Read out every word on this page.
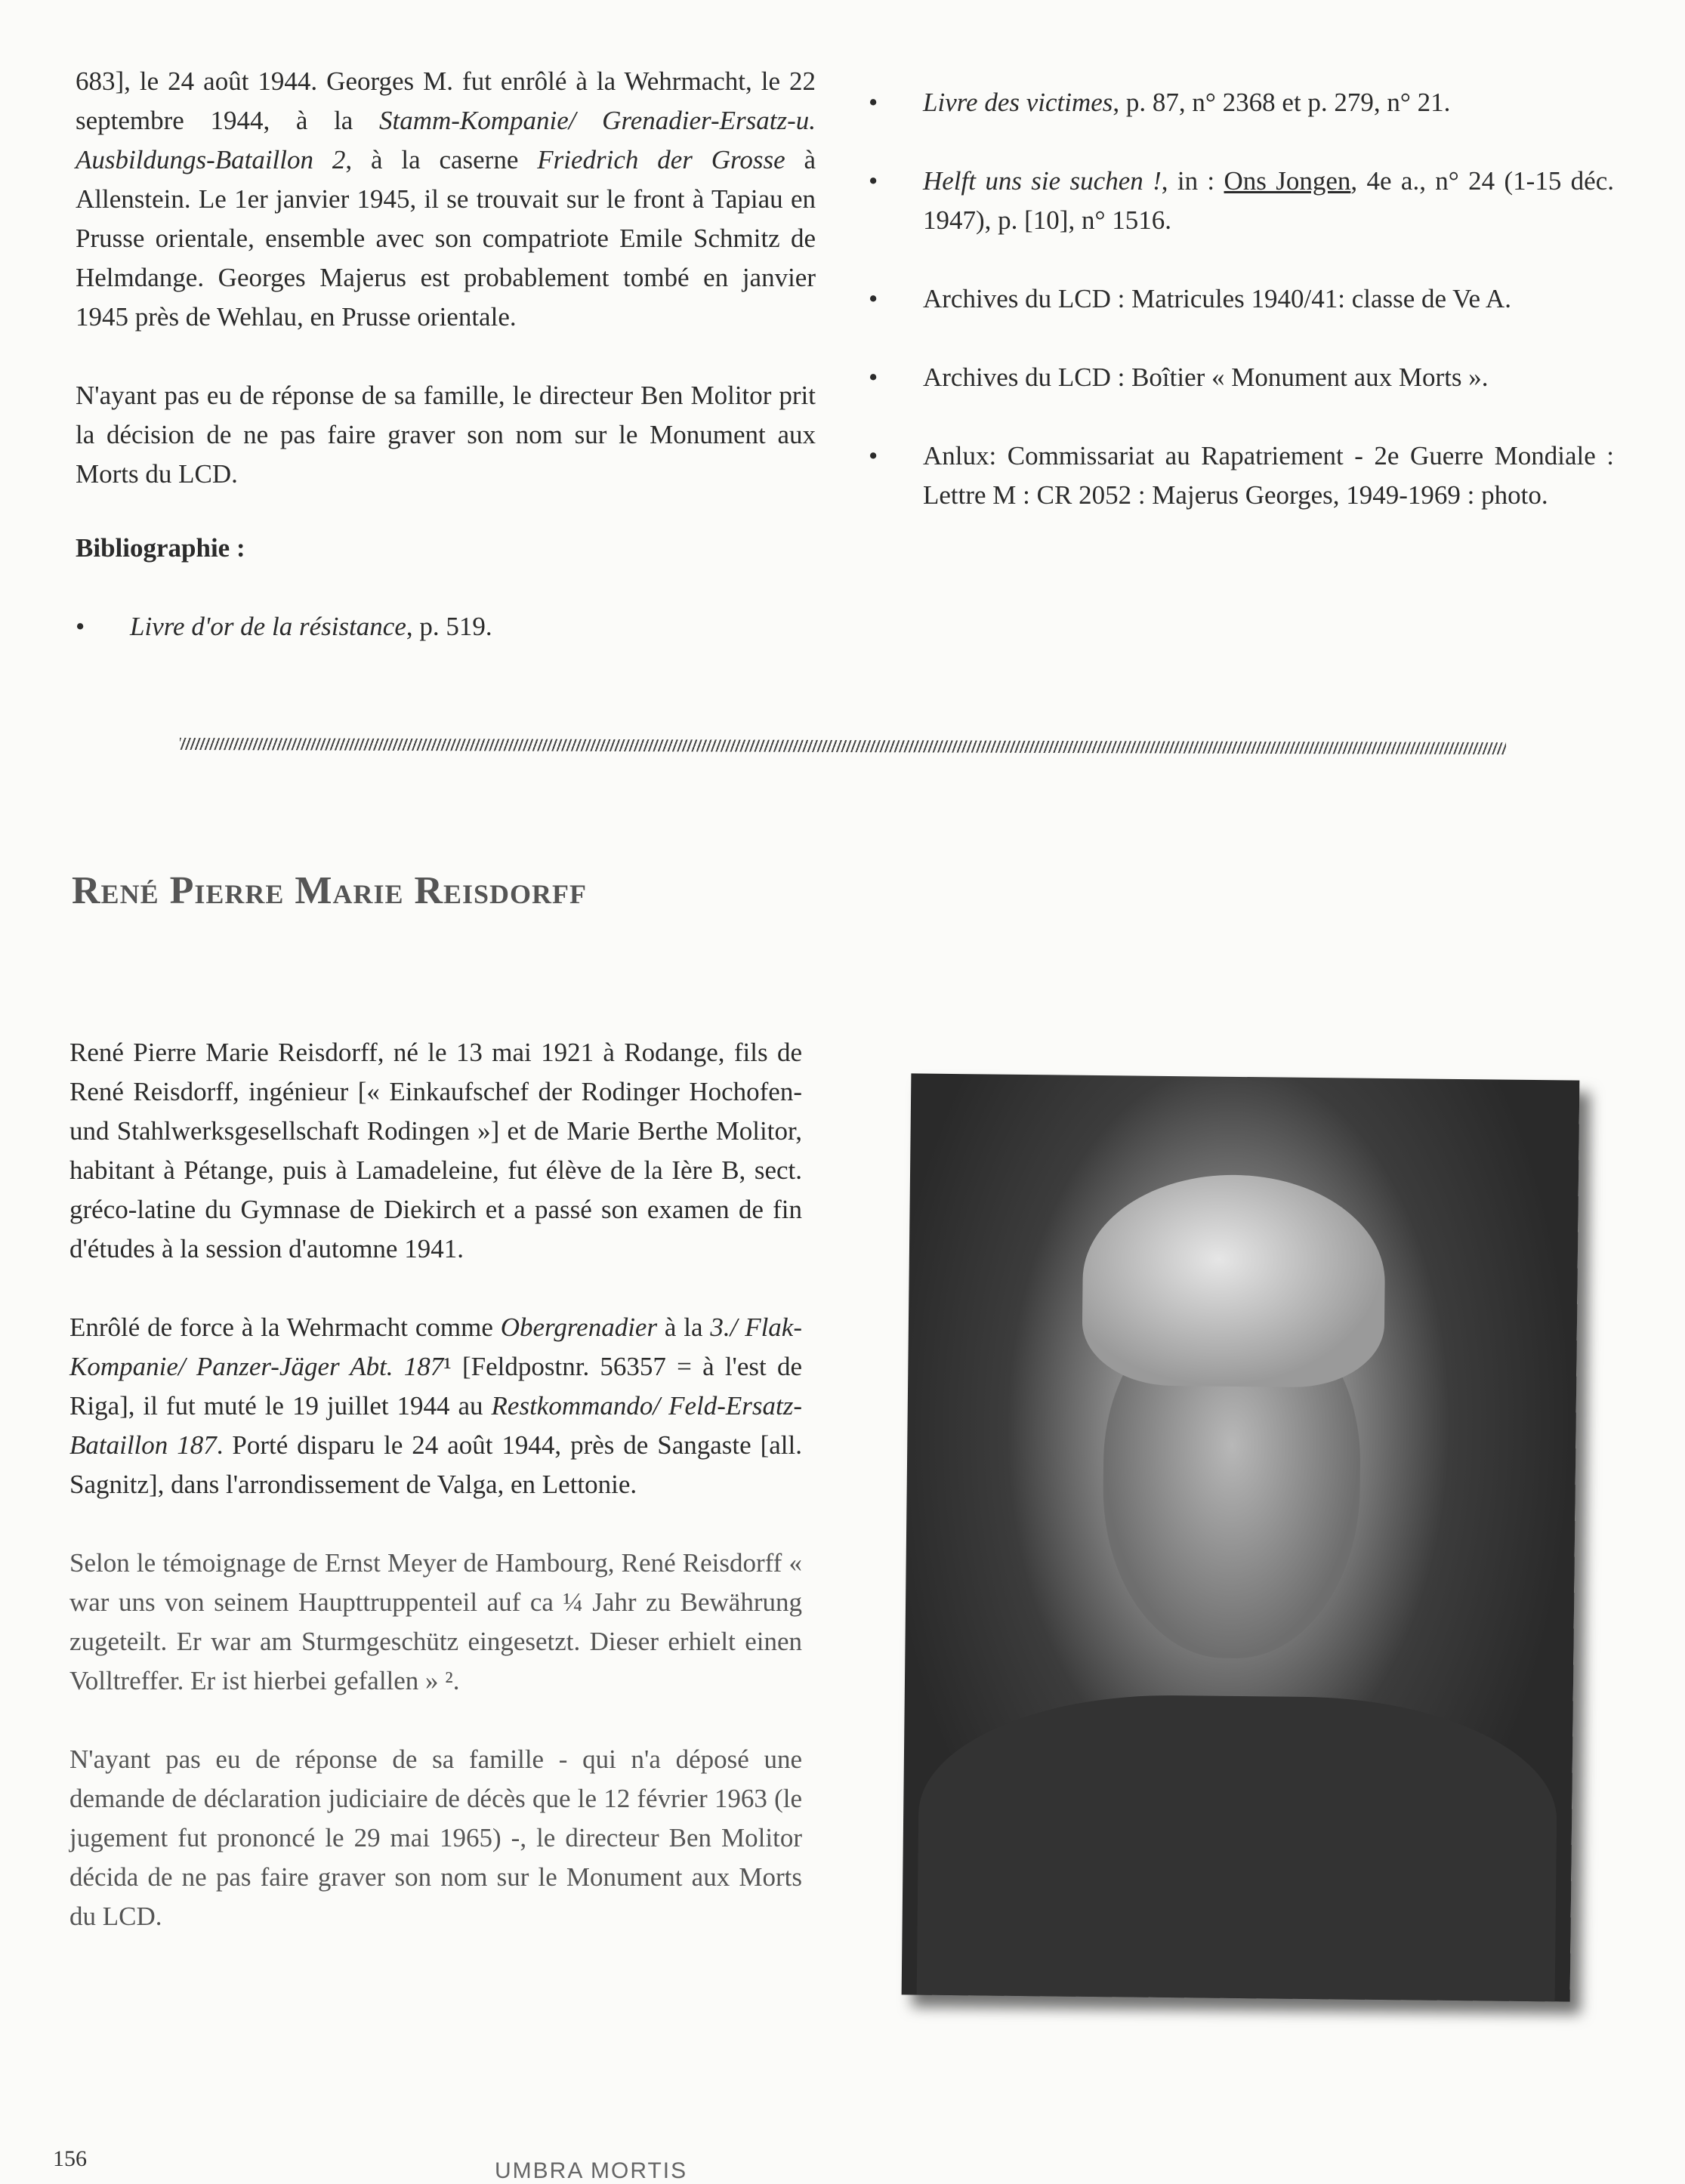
683], le 24 août 1944. Georges M. fut enrôlé à la Wehrmacht, le 22 septembre 1944, à la Stamm-Kompanie/ Grenadier-Ersatz-u. Ausbildungs-Bataillon 2, à la caserne Friedrich der Grosse à Allenstein. Le 1er janvier 1945, il se trouvait sur le front à Tapiau en Prusse orientale, ensemble avec son compatriote Emile Schmitz de Helmdange. Georges Majerus est probablement tombé en janvier 1945 près de Wehlau, en Prusse orientale.

N'ayant pas eu de réponse de sa famille, le directeur Ben Molitor prit la décision de ne pas faire graver son nom sur le Monument aux Morts du LCD.

Bibliographie :
• Livre d'or de la résistance, p. 519.
• Livre des victimes, p. 87, n° 2368 et p. 279, n° 21.
• Helft uns sie suchen !, in : Ons Jongen, 4e a., n° 24 (1-15 déc. 1947), p. [10], n° 1516.
• Archives du LCD : Matricules 1940/41: classe de Ve A.
• Archives du LCD : Boîtier « Monument aux Morts ».
• Anlux: Commissariat au Rapatriement - 2e Guerre Mondiale : Lettre M : CR 2052 : Majerus Georges, 1949-1969 : photo.
René Pierre Marie Reisdorff

René Pierre Marie Reisdorff, né le 13 mai 1921 à Rodange, fils de René Reisdorff, ingénieur [« Einkaufschef der Rodinger Hochofen- und Stahlwerksgesellschaft Rodingen »] et de Marie Berthe Molitor, habitant à Pétange, puis à Lamadeleine, fut élève de la Ière B, sect. gréco-latine du Gymnase de Diekirch et a passé son examen de fin d'études à la session d'automne 1941.

Enrôlé de force à la Wehrmacht comme Obergrenadier à la 3./ Flak-Kompanie/ Panzer-Jäger Abt. 187¹ [Feldpostnr. 56357 = à l'est de Riga], il fut muté le 19 juillet 1944 au Restkommando/ Feld-Ersatz-Bataillon 187. Porté disparu le 24 août 1944, près de Sangaste [all. Sagnitz], dans l'arrondissement de Valga, en Lettonie.

Selon le témoignage de Ernst Meyer de Hambourg, René Reisdorff « war uns von seinem Haupttruppenteil auf ca ¼ Jahr zu Bewährung zugeteilt. Er war am Sturmgeschütz eingesetzt. Dieser erhielt einen Volltreffer. Er ist hierbei gefallen » ².

N'ayant pas eu de réponse de sa famille - qui n'a déposé une demande de déclaration judiciaire de décès que le 12 février 1963 (le jugement fut prononcé le 29 mai 1965) -, le directeur Ben Molitor décida de ne pas faire graver son nom sur le Monument aux Morts du LCD.

156	UMBRA MORTIS
